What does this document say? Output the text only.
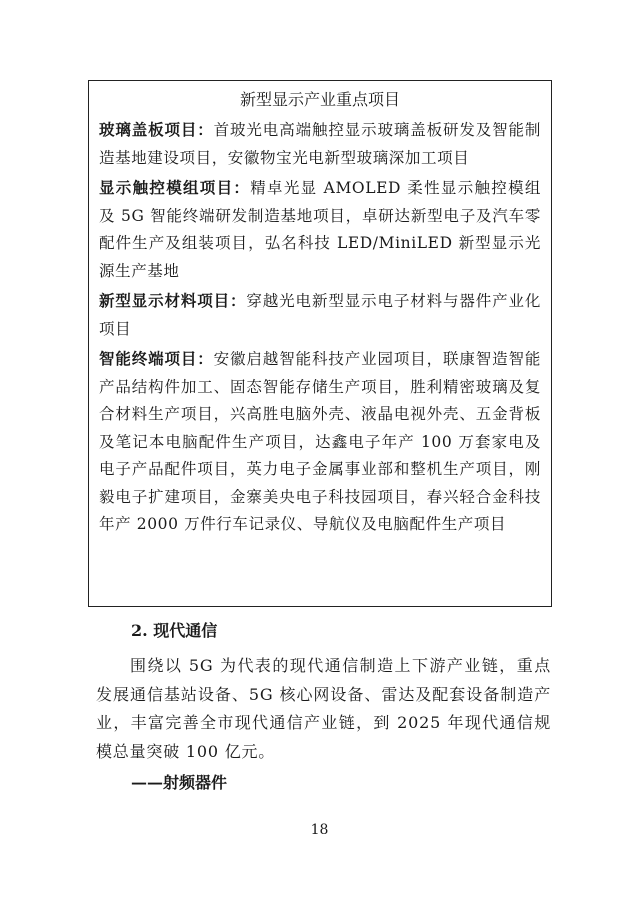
新型显示产业重点项目

玻璃盖板项目：首玻光电高端触控显示玻璃盖板研发及智能制造基地建设项目，安徽物宝光电新型玻璃深加工项目

显示触控模组项目：精卓光显 AMOLED 柔性显示触控模组及 5G 智能终端研发制造基地项目，卓研达新型电子及汽车零配件生产及组装项目，弘名科技 LED/MiniLED 新型显示光源生产基地

新型显示材料项目：穿越光电新型显示电子材料与器件产业化项目

智能终端项目：安徽启越智能科技产业园项目，联康智造智能产品结构件加工、固态智能存储生产项目，胜利精密玻璃及复合材料生产项目，兴高胜电脑外壳、液晶电视外壳、五金背板及笔记本电脑配件生产项目，达鑫电子年产 100 万套家电及电子产品配件项目，英力电子金属事业部和整机生产项目，刚毅电子扩建项目，金寨美央电子科技园项目，春兴轻合金科技年产 2000 万件行车记录仪、导航仪及电脑配件生产项目

2. 现代通信

围绕以 5G 为代表的现代通信制造上下游产业链，重点发展通信基站设备、5G 核心网设备、雷达及配套设备制造产业，丰富完善全市现代通信产业链，到 2025 年现代通信规模总量突破 100 亿元。

——射频器件
18
